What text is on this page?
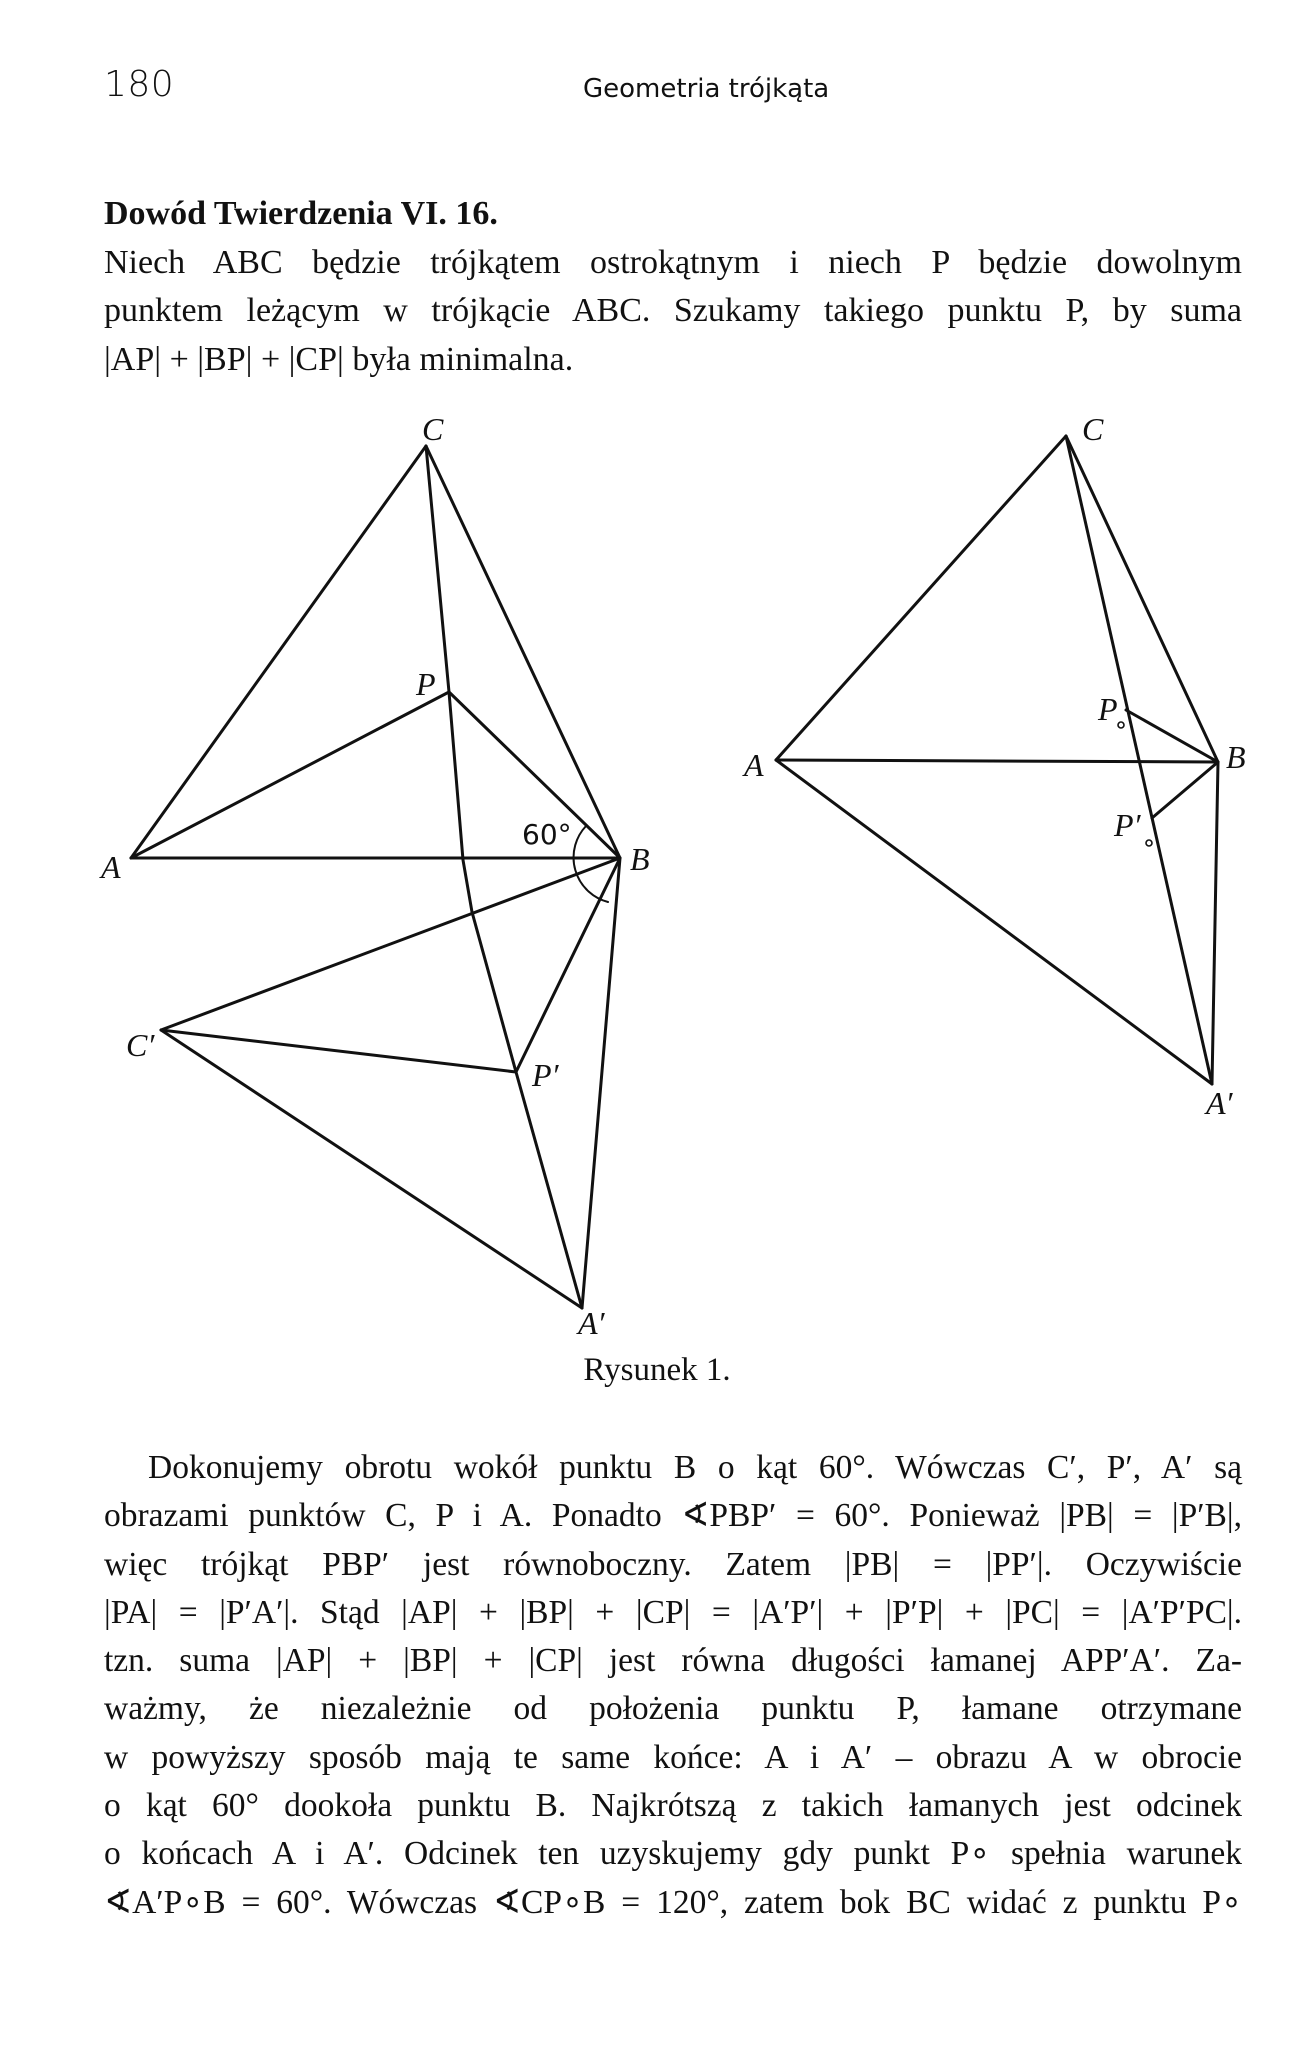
180	Geometria trójkąta
Dowód Twierdzenia VI. 16.
Niech ABC będzie trójkątem ostrokątnym i niech P będzie dowolnym
punktem leżącym w trójkącie ABC. Szukamy takiego punktu P, by suma
|AP| + |BP| + |CP| była minimalna.
C
P
A	B
60°
C′
P′
A′
C
A	B
P
P′
A′
Rysunek 1.
Dokonujemy obrotu wokół punktu B o kąt 60°. Wówczas C′, P′, A′ są
obrazami punktów C, P i A. Ponadto ∢PBP′ = 60°. Ponieważ |PB| = |P′B|,
więc trójkąt PBP′ jest równoboczny. Zatem |PB| = |PP′|. Oczywiście
|PA| = |P′A′|. Stąd |AP| + |BP| + |CP| = |A′P′| + |P′P| + |PC| = |A′P′PC|.
tzn. suma |AP| + |BP| + |CP| jest równa długości łamanej APP′A′. Za-
ważmy, że niezależnie od położenia punktu P, łamane otrzymane
w powyższy sposób mają te same końce: A i A′ – obrazu A w obrocie
o kąt 60° dookoła punktu B. Najkrótszą z takich łamanych jest odcinek
o końcach A i A′. Odcinek ten uzyskujemy gdy punkt P∘ spełnia warunek
∢A′P∘B = 60°. Wówczas ∢CP∘B = 120°, zatem bok BC widać z punktu P∘
